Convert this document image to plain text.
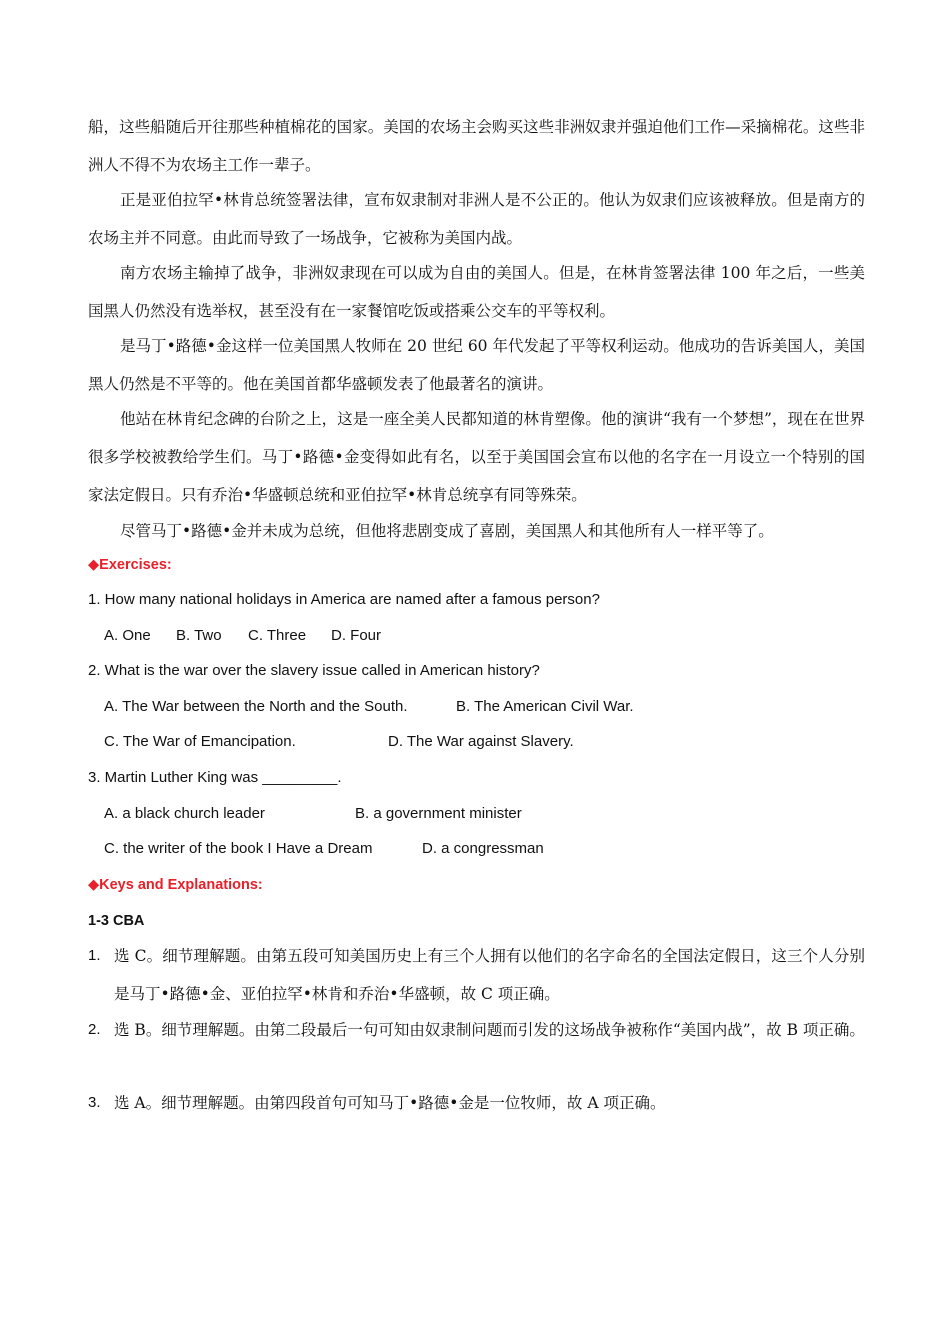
船，这些船随后开往那些种植棉花的国家。美国的农场主会购买这些非洲奴隶并强迫他们工作—采摘棉花。这些非洲人不得不为农场主工作一辈子。

正是亚伯拉罕•林肯总统签署法律，宣布奴隶制对非洲人是不公正的。他认为奴隶们应该被释放。但是南方的农场主并不同意。由此而导致了一场战争，它被称为美国内战。

南方农场主输掉了战争，非洲奴隶现在可以成为自由的美国人。但是，在林肯签署法律 100 年之后，一些美国黑人仍然没有选举权，甚至没有在一家餐馆吃饭或搭乘公交车的平等权利。

是马丁•路德•金这样一位美国黑人牧师在 20 世纪 60 年代发起了平等权利运动。他成功的告诉美国人，美国黑人仍然是不平等的。他在美国首都华盛顿发表了他最著名的演讲。

他站在林肯纪念碑的台阶之上，这是一座全美人民都知道的林肯塑像。他的演讲“我有一个梦想”，现在在世界很多学校被教给学生们。马丁•路德•金变得如此有名，以至于美国国会宣布以他的名字在一月设立一个特别的国家法定假日。只有乔治•华盛顿总统和亚伯拉罕•林肯总统享有同等殊荣。

尽管马丁•路德•金并未成为总统，但他将悲剧变成了喜剧，美国黑人和其他所有人一样平等了。

◆Exercises:
1. How many national holidays in America are named after a famous person?
A. One B. Two C. Three D. Four
2. What is the war over the slavery issue called in American history?
A. The War between the North and the South.	B. The American Civil War.
C. The War of Emancipation.	D. The War against Slavery.
3. Martin Luther King was _________.
A. a black church leader	B. a government minister
C. the writer of the book I Have a Dream	D. a congressman
◆Keys and Explanations:
1-3 CBA
1. 选 C。细节理解题。由第五段可知美国历史上有三个人拥有以他们的名字命名的全国法定假日，这三个人分别是马丁•路德•金、亚伯拉罕•林肯和乔治•华盛顿，故 C 项正确。
2. 选 B。细节理解题。由第二段最后一句可知由奴隶制问题而引发的这场战争被称作“美国内战”，故 B 项正确。
3. 选 A。细节理解题。由第四段首句可知马丁•路德•金是一位牧师，故 A 项正确。
